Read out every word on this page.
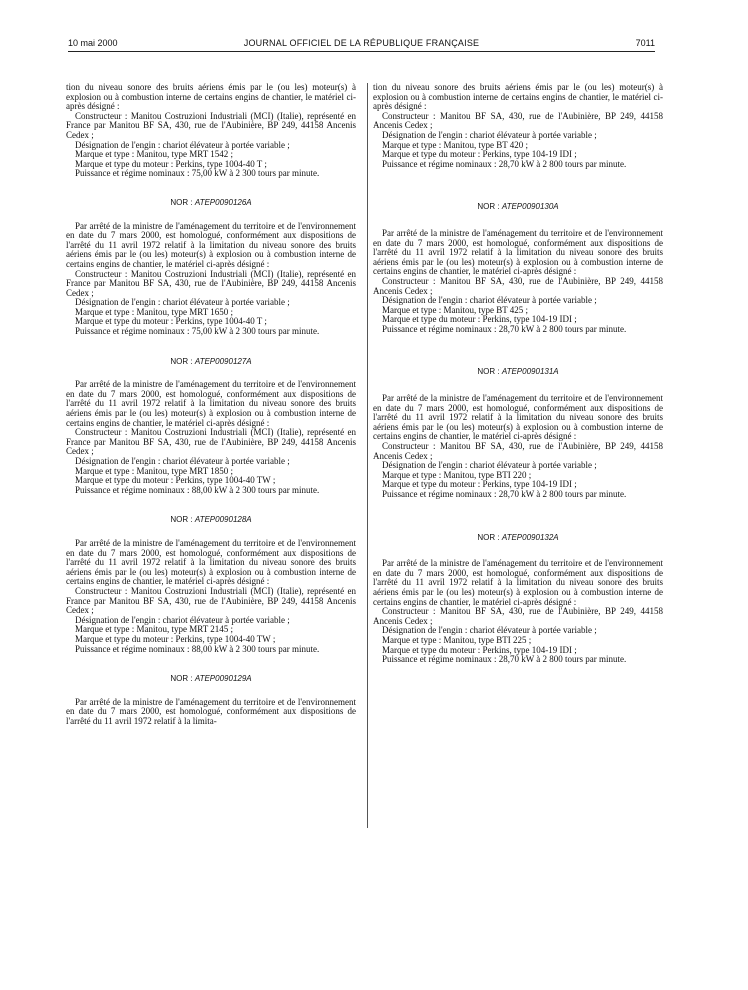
10 mai 2000	JOURNAL OFFICIEL DE LA RÉPUBLIQUE FRANÇAISE	7011

tion du niveau sonore des bruits aériens émis par le (ou les) moteur(s) à explosion ou à combustion interne de certains engins de chantier, le matériel ci-après désigné :

Constructeur : Manitou Costruzioni Industriali (MCI) (Italie), représenté en France par Manitou BF SA, 430, rue de l'Aubinière, BP 249, 44158 Ancenis Cedex ;

Désignation de l'engin : chariot élévateur à portée variable ;

Marque et type : Manitou, type MRT 1542 ;

Marque et type du moteur : Perkins, type 1004-40 T ;

Puissance et régime nominaux : 75,00 kW à 2 300 tours par minute.

NOR : ATEP0090126A

Par arrêté de la ministre de l'aménagement du territoire et de l'environnement en date du 7 mars 2000, est homologué, conformément aux dispositions de l'arrêté du 11 avril 1972 relatif à la limitation du niveau sonore des bruits aériens émis par le (ou les) moteur(s) à explosion ou à combustion interne de certains engins de chantier, le matériel ci-après désigné :

Constructeur : Manitou Costruzioni Industriali (MCI) (Italie), représenté en France par Manitou BF SA, 430, rue de l'Aubinière, BP 249, 44158 Ancenis Cedex ;

Désignation de l'engin : chariot élévateur à portée variable ;

Marque et type : Manitou, type MRT 1650 ;

Marque et type du moteur : Perkins, type 1004-40 T ;

Puissance et régime nominaux : 75,00 kW à 2 300 tours par minute.

NOR : ATEP0090127A

Par arrêté de la ministre de l'aménagement du territoire et de l'environnement en date du 7 mars 2000, est homologué, conformément aux dispositions de l'arrêté du 11 avril 1972 relatif à la limitation du niveau sonore des bruits aériens émis par le (ou les) moteur(s) à explosion ou à combustion interne de certains engins de chantier, le matériel ci-après désigné :

Constructeur : Manitou Costruzioni Industriali (MCI) (Italie), représenté en France par Manitou BF SA, 430, rue de l'Aubinière, BP 249, 44158 Ancenis Cedex ;

Désignation de l'engin : chariot élévateur à portée variable ;

Marque et type : Manitou, type MRT 1850 ;

Marque et type du moteur : Perkins, type 1004-40 TW ;

Puissance et régime nominaux : 88,00 kW à 2 300 tours par minute.

NOR : ATEP0090128A

Par arrêté de la ministre de l'aménagement du territoire et de l'environnement en date du 7 mars 2000, est homologué, conformément aux dispositions de l'arrêté du 11 avril 1972 relatif à la limitation du niveau sonore des bruits aériens émis par le (ou les) moteur(s) à explosion ou à combustion interne de certains engins de chantier, le matériel ci-après désigné :

Constructeur : Manitou Costruzioni Industriali (MCI) (Italie), représenté en France par Manitou BF SA, 430, rue de l'Aubinière, BP 249, 44158 Ancenis Cedex ;

Désignation de l'engin : chariot élévateur à portée variable ;

Marque et type : Manitou, type MRT 2145 ;

Marque et type du moteur : Perkins, type 1004-40 TW ;

Puissance et régime nominaux : 88,00 kW à 2 300 tours par minute.

NOR : ATEP0090129A

Par arrêté de la ministre de l'aménagement du territoire et de l'environnement en date du 7 mars 2000, est homologué, conformément aux dispositions de l'arrêté du 11 avril 1972 relatif à la limita-

tion du niveau sonore des bruits aériens émis par le (ou les) moteur(s) à explosion ou à combustion interne de certains engins de chantier, le matériel ci-après désigné :

Constructeur : Manitou BF SA, 430, rue de l'Aubinière, BP 249, 44158 Ancenis Cedex ;

Désignation de l'engin : chariot élévateur à portée variable ;

Marque et type : Manitou, type BT 420 ;

Marque et type du moteur : Perkins, type 104-19 IDI ;

Puissance et régime nominaux : 28,70 kW à 2 800 tours par minute.

NOR : ATEP0090130A

Par arrêté de la ministre de l'aménagement du territoire et de l'environnement en date du 7 mars 2000, est homologué, conformément aux dispositions de l'arrêté du 11 avril 1972 relatif à la limitation du niveau sonore des bruits aériens émis par le (ou les) moteur(s) à explosion ou à combustion interne de certains engins de chantier, le matériel ci-après désigné :

Constructeur : Manitou BF SA, 430, rue de l'Aubinière, BP 249, 44158 Ancenis Cedex ;

Désignation de l'engin : chariot élévateur à portée variable ;

Marque et type : Manitou, type BT 425 ;

Marque et type du moteur : Perkins, type 104-19 IDI ;

Puissance et régime nominaux : 28,70 kW à 2 800 tours par minute.

NOR : ATEP0090131A

Par arrêté de la ministre de l'aménagement du territoire et de l'environnement en date du 7 mars 2000, est homologué, conformément aux dispositions de l'arrêté du 11 avril 1972 relatif à la limitation du niveau sonore des bruits aériens émis par le (ou les) moteur(s) à explosion ou à combustion interne de certains engins de chantier, le matériel ci-après désigné :

Constructeur : Manitou BF SA, 430, rue de l'Aubinière, BP 249, 44158 Ancenis Cedex ;

Désignation de l'engin : chariot élévateur à portée variable ;

Marque et type : Manitou, type BTI 220 ;

Marque et type du moteur : Perkins, type 104-19 IDI ;

Puissance et régime nominaux : 28,70 kW à 2 800 tours par minute.

NOR : ATEP0090132A

Par arrêté de la ministre de l'aménagement du territoire et de l'environnement en date du 7 mars 2000, est homologué, conformément aux dispositions de l'arrêté du 11 avril 1972 relatif à la limitation du niveau sonore des bruits aériens émis par le (ou les) moteur(s) à explosion ou à combustion interne de certains engins de chantier, le matériel ci-après désigné :

Constructeur : Manitou BF SA, 430, rue de l'Aubinière, BP 249, 44158 Ancenis Cedex ;

Désignation de l'engin : chariot élévateur à portée variable ;

Marque et type : Manitou, type BTI 225 ;

Marque et type du moteur : Perkins, type 104-19 IDI ;

Puissance et régime nominaux : 28,70 kW à 2 800 tours par minute.
